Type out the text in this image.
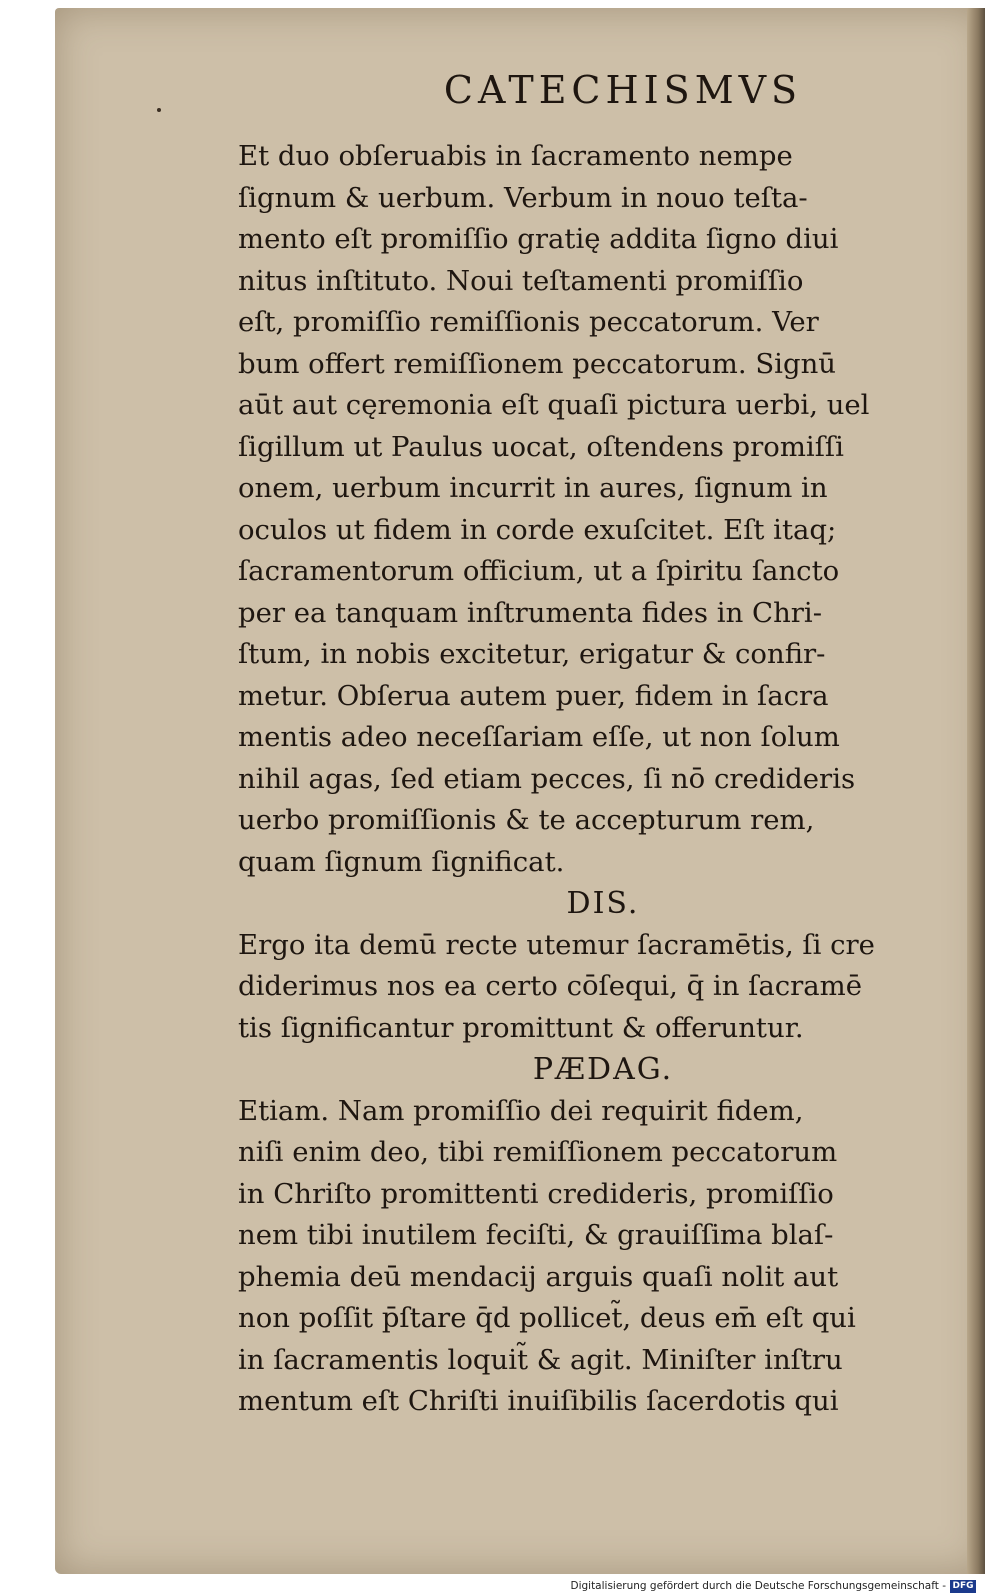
CATECHISMVS
Et duo obſeruabis in ſacramento nempe
ſignum & uerbum. Verbum in nouo teſta-
mento eſt promiſſio gratię addita ſigno diui
nitus inſtituto. Noui teſtamenti promiſſio
eſt, promiſſio remiſſionis peccatorum. Ver
bum offert remiſſionem peccatorum. Signū
aūt aut cęremonia eſt quaſi pictura uerbi, uel
ſigillum ut Paulus uocat, oſtendens promiſſi
onem, uerbum incurrit in aures, ſignum in
oculos ut fidem in corde exuſcitet. Eſt itaq;
ſacramentorum officium, ut a ſpiritu ſancto
per ea tanquam inſtrumenta fides in Chri-
ſtum, in nobis excitetur, erigatur & confir-
metur. Obſerua autem puer, fidem in ſacra
mentis adeo neceſſariam eſſe, ut non ſolum
nihil agas, ſed etiam pecces, ſi nō credideris
uerbo promiſſionis & te accepturum rem,
quam ſignum ſignificat.
DIS.
Ergo ita demū recte utemur ſacramētis, ſi cre
diderimus nos ea certo cōſequi, q̄ in ſacramē
tis ſignificantur promittunt & offeruntur.
PÆDAG.
Etiam. Nam promiſſio dei requirit fidem,
niſi enim deo, tibi remiſſionem peccatorum
in Chriſto promittenti credideris, promiſſio
nem tibi inutilem feciſti, & grauiſſima blaſ-
phemia deū mendacij arguis quaſi nolit aut
non poſſit p̄ſtare q̄d pollicet̃, deus em̄ eſt qui
in ſacramentis loquit̃ & agit. Miniſter inſtru
mentum eſt Chriſti inuiſibilis ſacerdotis qui
Digitalisierung gefördert durch die Deutsche Forschungsgemeinschaft - DFG
